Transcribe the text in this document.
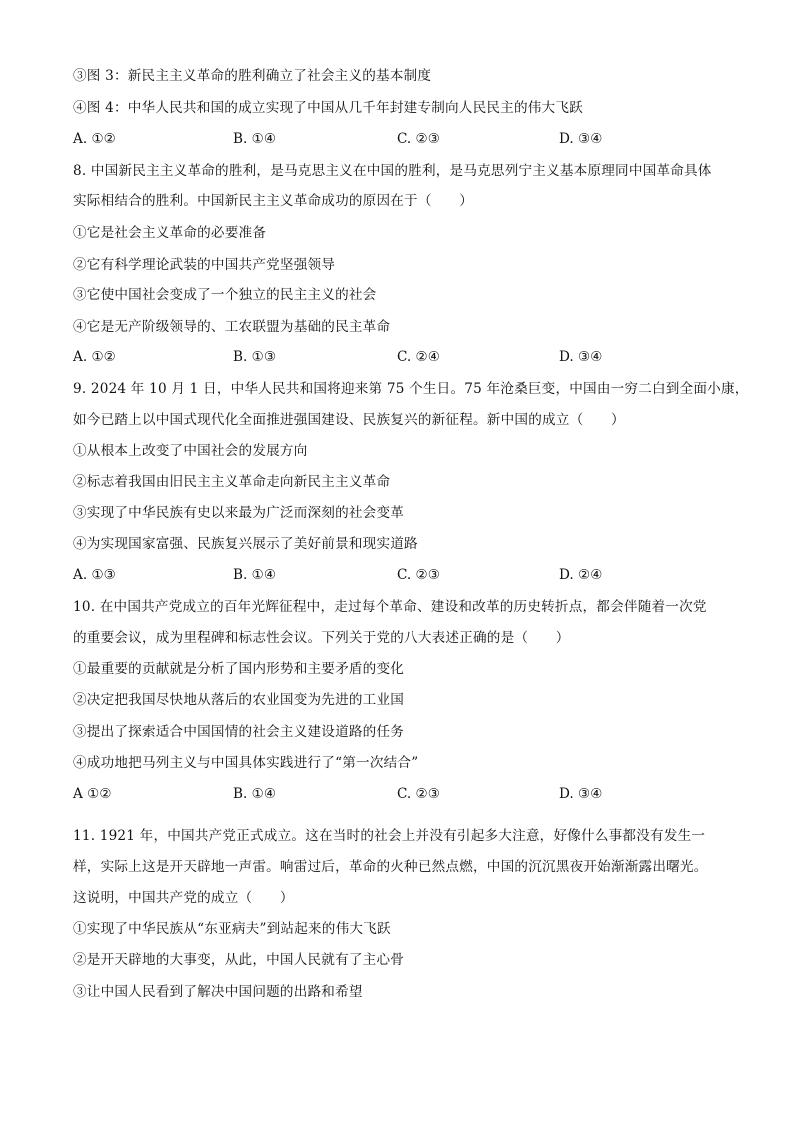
③图 3：新民主主义革命的胜利确立了社会主义的基本制度
④图 4：中华人民共和国的成立实现了中国从几千年封建专制向人民民主的伟大飞跃
A. ①②	B. ①④	C. ②③	D. ③④
8. 中国新民主主义革命的胜利，是马克思主义在中国的胜利，是马克思列宁主义基本原理同中国革命具体
实际相结合的胜利。中国新民主主义革命成功的原因在于（　　）
①它是社会主义革命的必要准备
②它有科学理论武装的中国共产党坚强领导
③它使中国社会变成了一个独立的民主主义的社会
④它是无产阶级领导的、工农联盟为基础的民主革命
A. ①②	B. ①③	C. ②④	D. ③④
9. 2024 年 10 月 1 日，中华人民共和国将迎来第 75 个生日。75 年沧桑巨变，中国由一穷二白到全面小康，
如今已踏上以中国式现代化全面推进强国建设、民族复兴的新征程。新中国的成立（　　）
①从根本上改变了中国社会的发展方向
②标志着我国由旧民主主义革命走向新民主主义革命
③实现了中华民族有史以来最为广泛而深刻的社会变革
④为实现国家富强、民族复兴展示了美好前景和现实道路
A. ①③	B. ①④	C. ②③	D. ②④
10. 在中国共产党成立的百年光辉征程中，走过每个革命、建设和改革的历史转折点，都会伴随着一次党
的重要会议，成为里程碑和标志性会议。下列关于党的八大表述正确的是（　　）
①最重要的贡献就是分析了国内形势和主要矛盾的变化
②决定把我国尽快地从落后的农业国变为先进的工业国
③提出了探索适合中国国情的社会主义建设道路的任务
④成功地把马列主义与中国具体实践进行了“第一次结合”
A ①②	B. ①④	C. ②③	D. ③④
11. 1921 年，中国共产党正式成立。这在当时的社会上并没有引起多大注意，好像什么事都没有发生一
样，实际上这是开天辟地一声雷。响雷过后，革命的火种已然点燃，中国的沉沉黑夜开始渐渐露出曙光。
这说明，中国共产党的成立（　　）
①实现了中华民族从“东亚病夫”到站起来的伟大飞跃
②是开天辟地的大事变，从此，中国人民就有了主心骨
③让中国人民看到了解决中国问题的出路和希望
